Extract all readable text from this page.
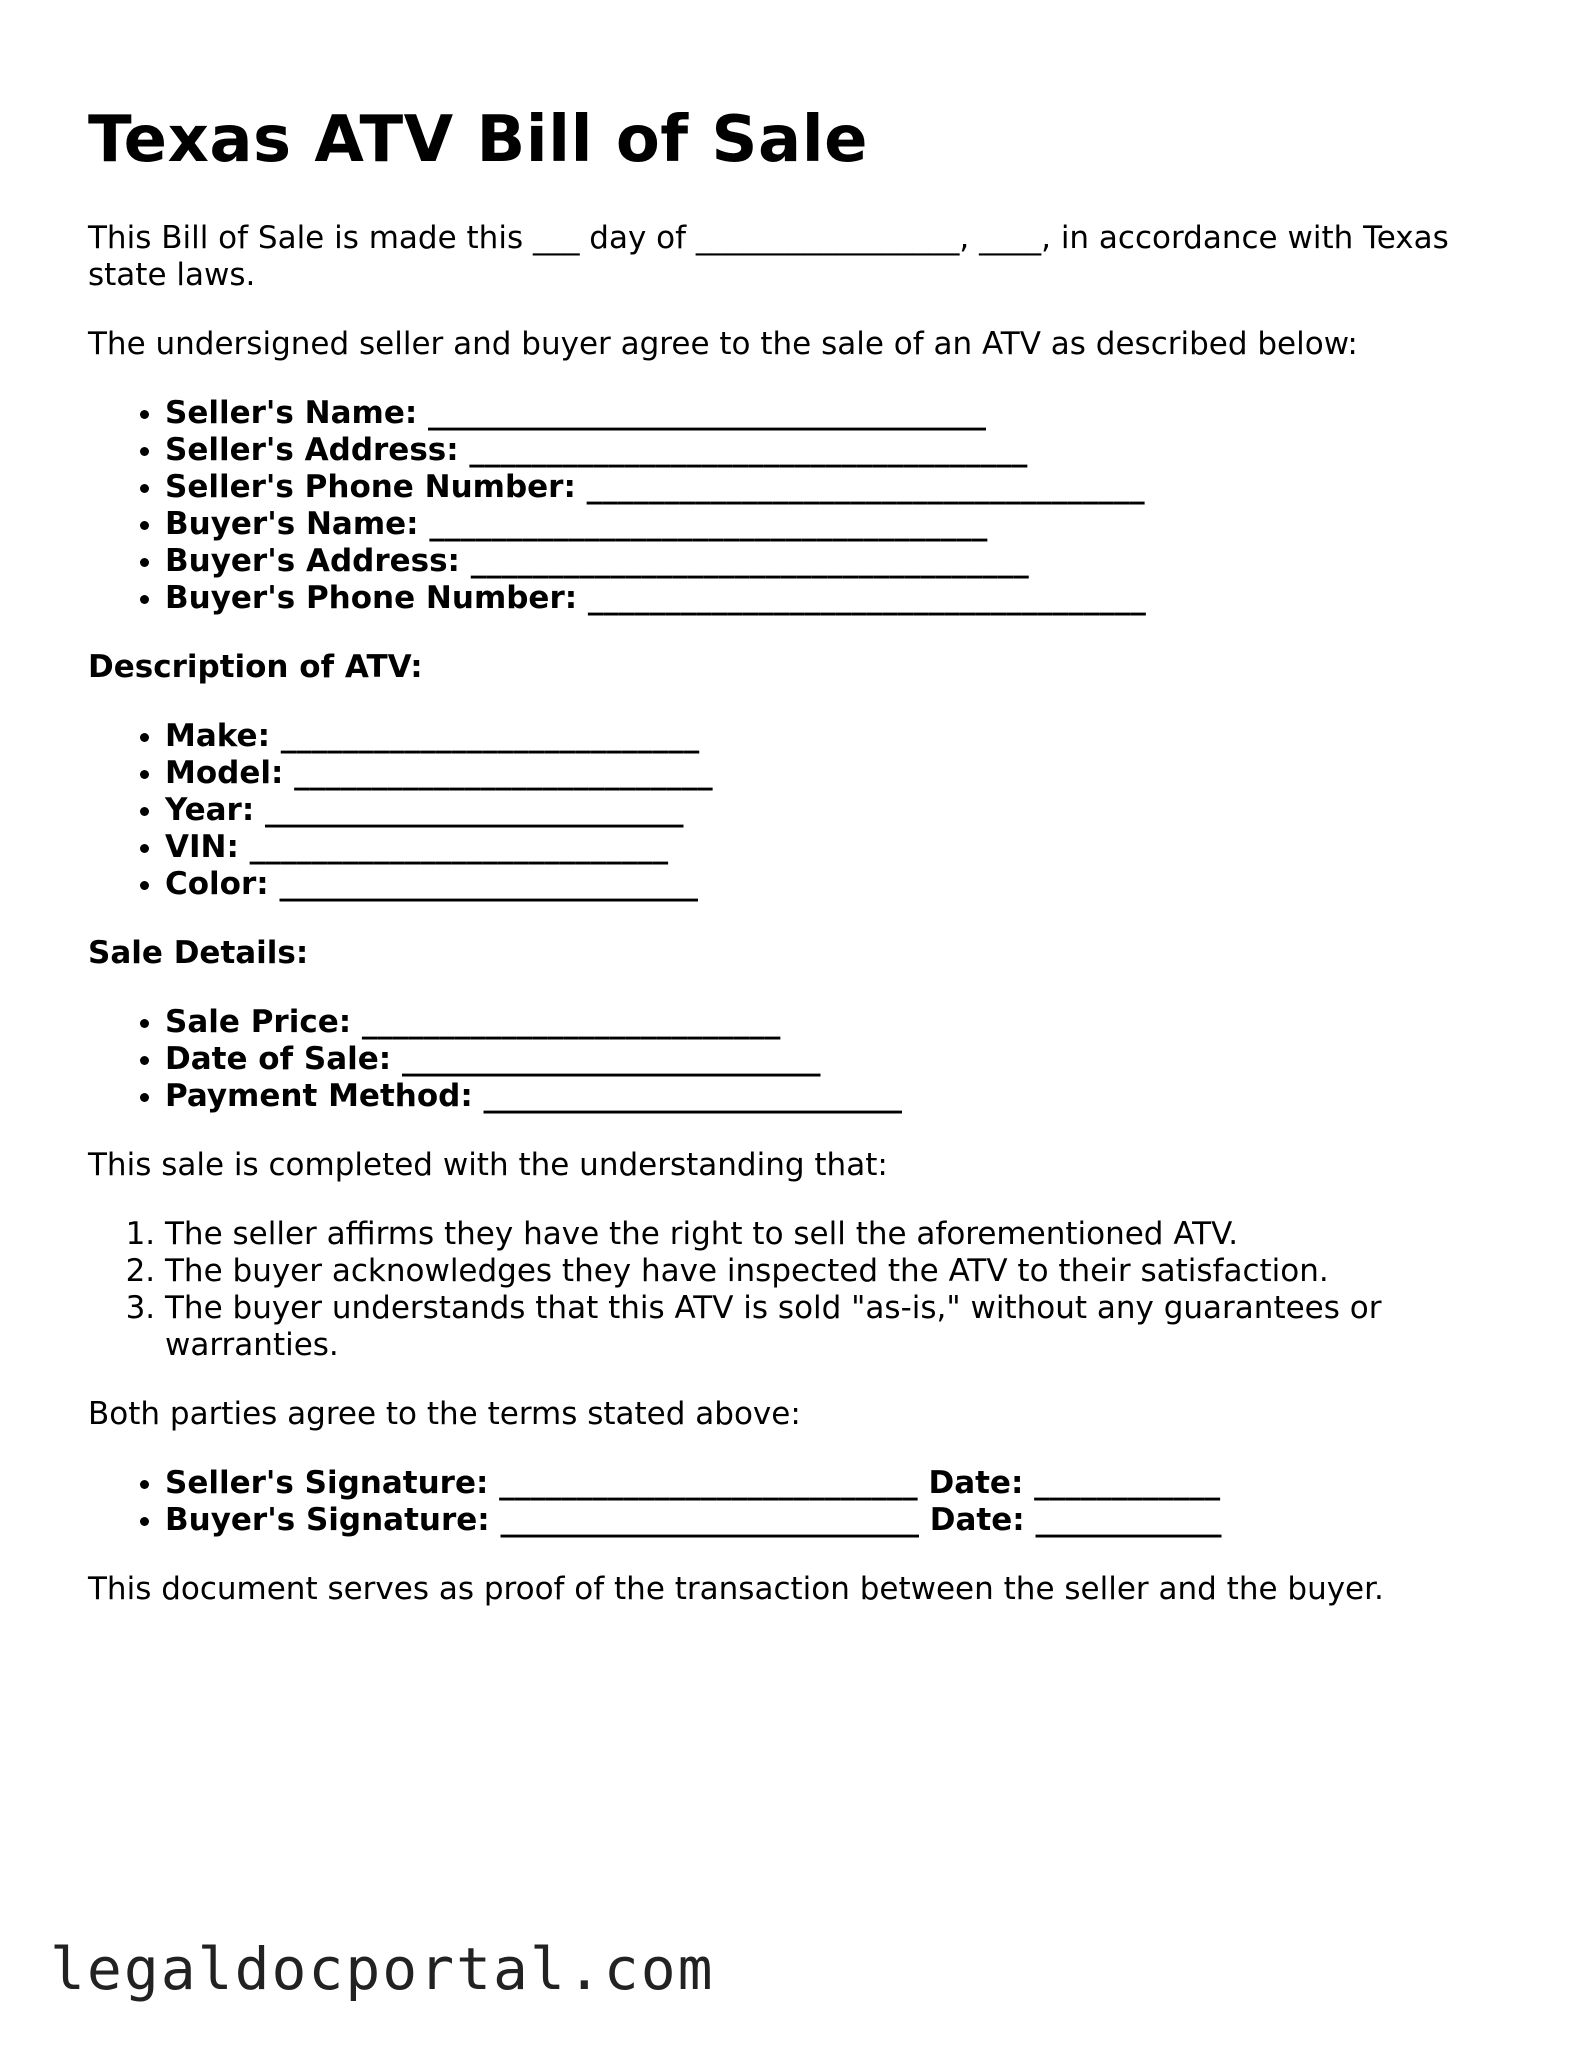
Texas ATV Bill of Sale

This Bill of Sale is made this ___ day of _________________, ____, in accordance with Texas state laws.

The undersigned seller and buyer agree to the sale of an ATV as described below:

• Seller's Name: ____________________________________
• Seller's Address: ____________________________________
• Seller's Phone Number: ____________________________________
• Buyer's Name: ____________________________________
• Buyer's Address: ____________________________________
• Buyer's Phone Number: ____________________________________

Description of ATV:

• Make: ___________________________
• Model: ___________________________
• Year: ___________________________
• VIN: ___________________________
• Color: ___________________________

Sale Details:

• Sale Price: ___________________________
• Date of Sale: ___________________________
• Payment Method: ___________________________

This sale is completed with the understanding that:

1. The seller affirms they have the right to sell the aforementioned ATV.
2. The buyer acknowledges they have inspected the ATV to their satisfaction.
3. The buyer understands that this ATV is sold "as-is," without any guarantees or warranties.

Both parties agree to the terms stated above:

• Seller's Signature: ___________________________ Date: ____________
• Buyer's Signature: ___________________________ Date: ____________

This document serves as proof of the transaction between the seller and the buyer.

legaldocportal.com
